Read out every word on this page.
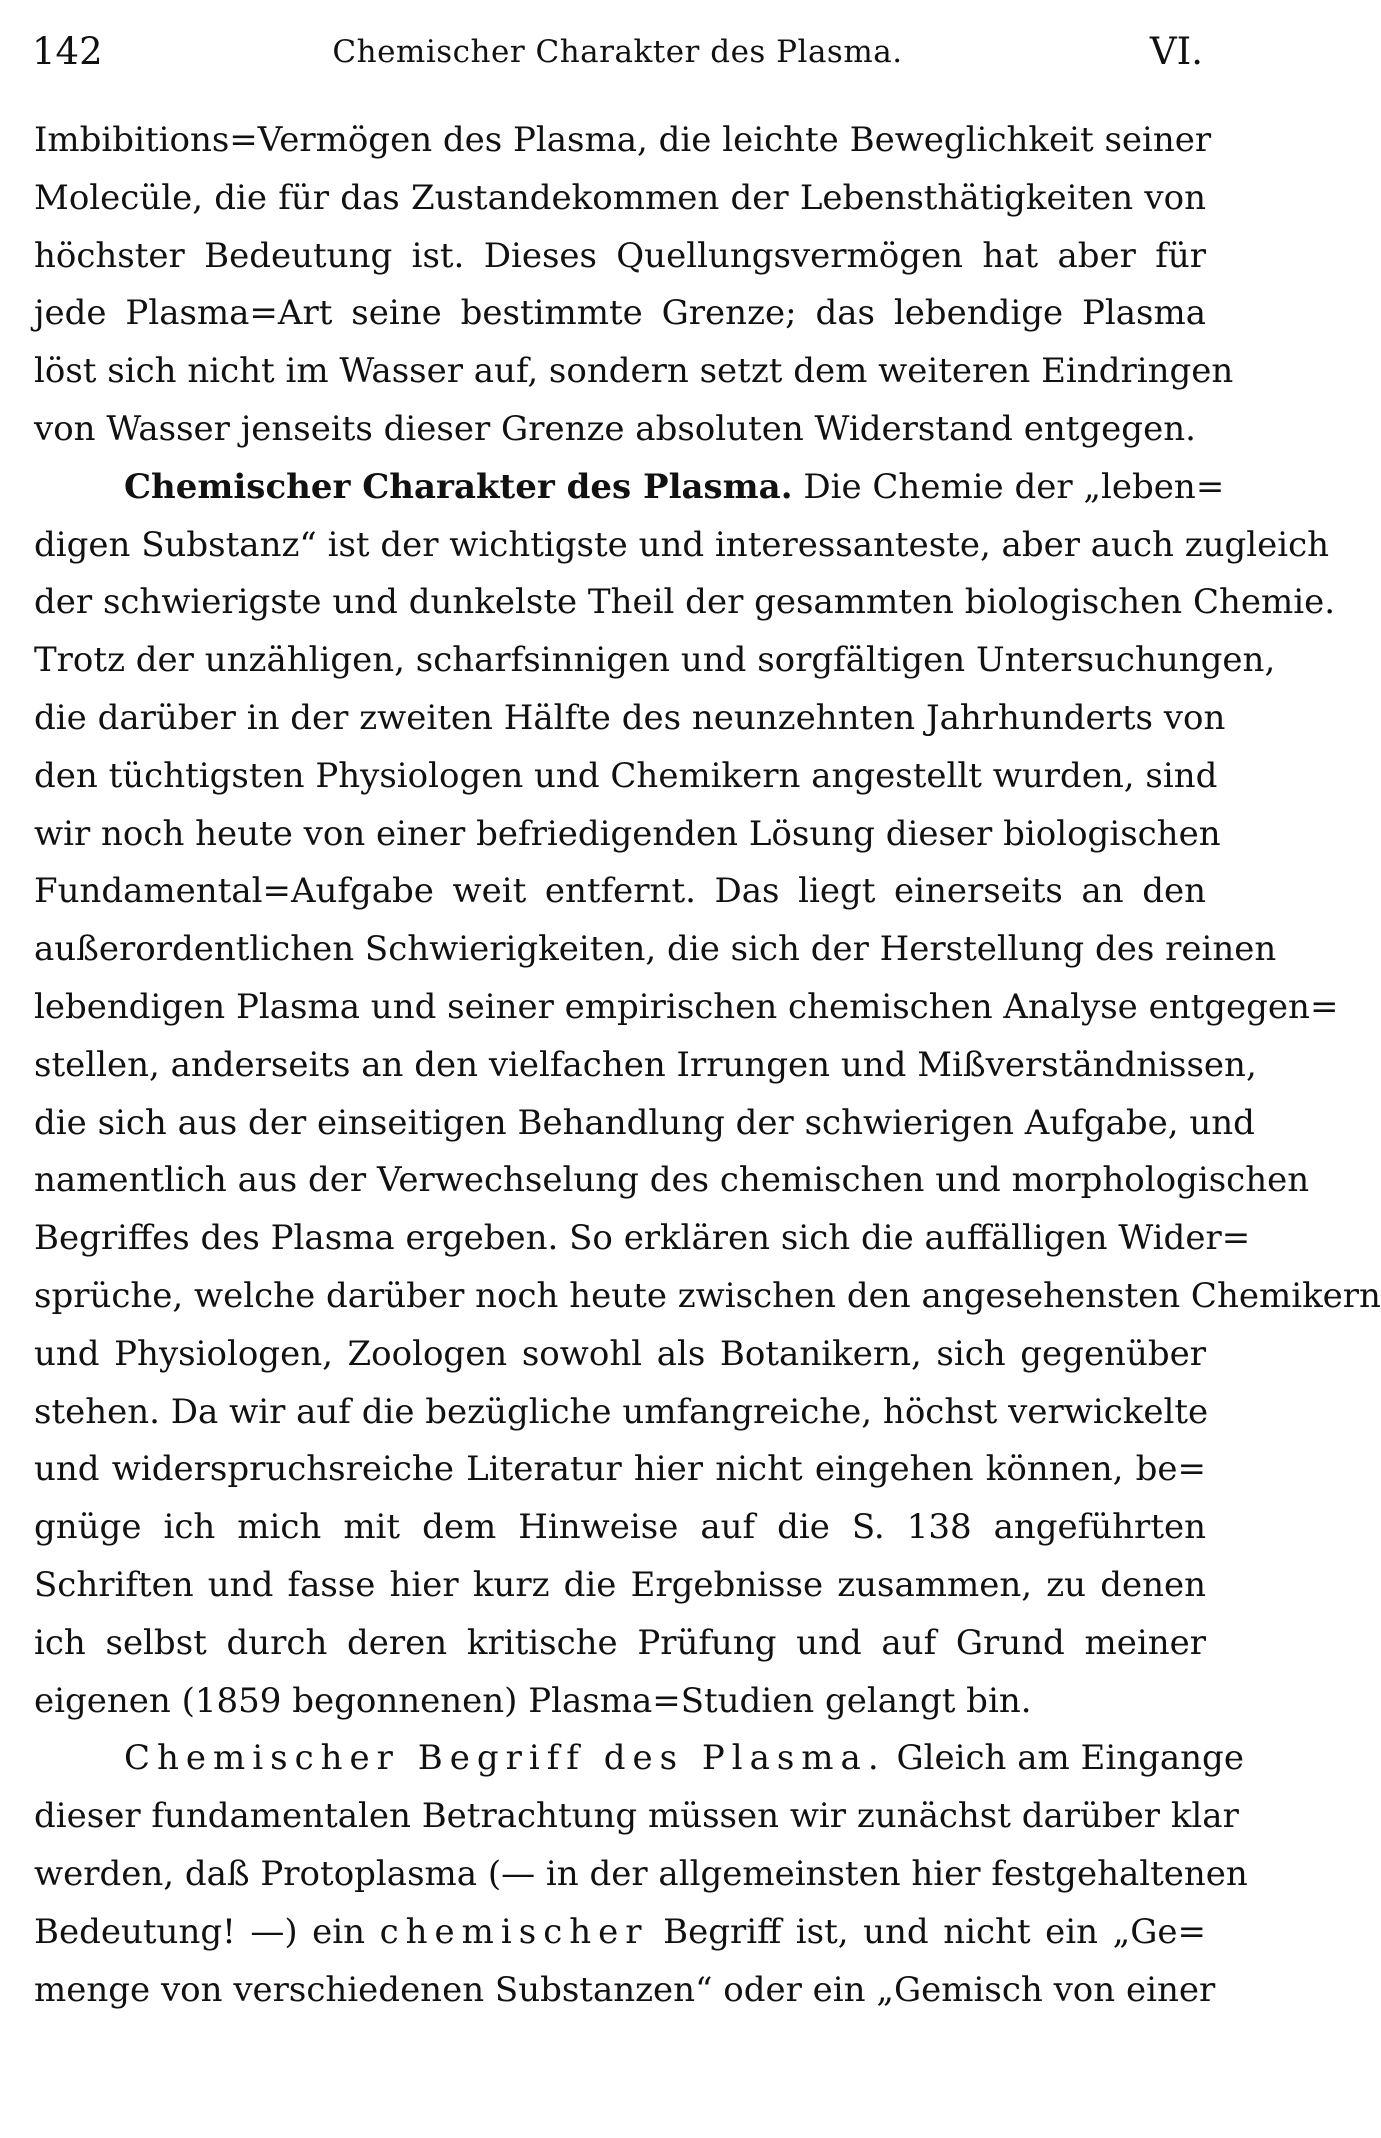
142	Chemischer Charakter des Plasma.	VI.
Imbibitions=Vermögen des Plasma, die leichte Beweglichkeit seiner
Molecüle, die für das Zustandekommen der Lebensthätigkeiten von
höchster Bedeutung ist. Dieses Quellungsvermögen hat aber für
jede Plasma=Art seine bestimmte Grenze; das lebendige Plasma
löst sich nicht im Wasser auf, sondern setzt dem weiteren Eindringen
von Wasser jenseits dieser Grenze absoluten Widerstand entgegen.
Chemischer Charakter des Plasma. Die Chemie der „leben=
digen Substanz“ ist der wichtigste und interessanteste, aber auch zugleich
der schwierigste und dunkelste Theil der gesammten biologischen Chemie.
Trotz der unzähligen, scharfsinnigen und sorgfältigen Untersuchungen,
die darüber in der zweiten Hälfte des neunzehnten Jahrhunderts von
den tüchtigsten Physiologen und Chemikern angestellt wurden, sind
wir noch heute von einer befriedigenden Lösung dieser biologischen
Fundamental=Aufgabe weit entfernt. Das liegt einerseits an den
außerordentlichen Schwierigkeiten, die sich der Herstellung des reinen
lebendigen Plasma und seiner empirischen chemischen Analyse entgegen=
stellen, anderseits an den vielfachen Irrungen und Mißverständnissen,
die sich aus der einseitigen Behandlung der schwierigen Aufgabe, und
namentlich aus der Verwechselung des chemischen und morphologischen
Begriffes des Plasma ergeben. So erklären sich die auffälligen Wider=
sprüche, welche darüber noch heute zwischen den angesehensten Chemikern
und Physiologen, Zoologen sowohl als Botanikern, sich gegenüber
stehen. Da wir auf die bezügliche umfangreiche, höchst verwickelte
und widerspruchsreiche Literatur hier nicht eingehen können, be=
gnüge ich mich mit dem Hinweise auf die S. 138 angeführten
Schriften und fasse hier kurz die Ergebnisse zusammen, zu denen
ich selbst durch deren kritische Prüfung und auf Grund meiner
eigenen (1859 begonnenen) Plasma=Studien gelangt bin.
Chemischer Begriff des Plasma. Gleich am Eingange
dieser fundamentalen Betrachtung müssen wir zunächst darüber klar
werden, daß Protoplasma (— in der allgemeinsten hier festgehaltenen
Bedeutung! —) ein chemischer Begriff ist, und nicht ein „Ge=
menge von verschiedenen Substanzen“ oder ein „Gemisch von einer
